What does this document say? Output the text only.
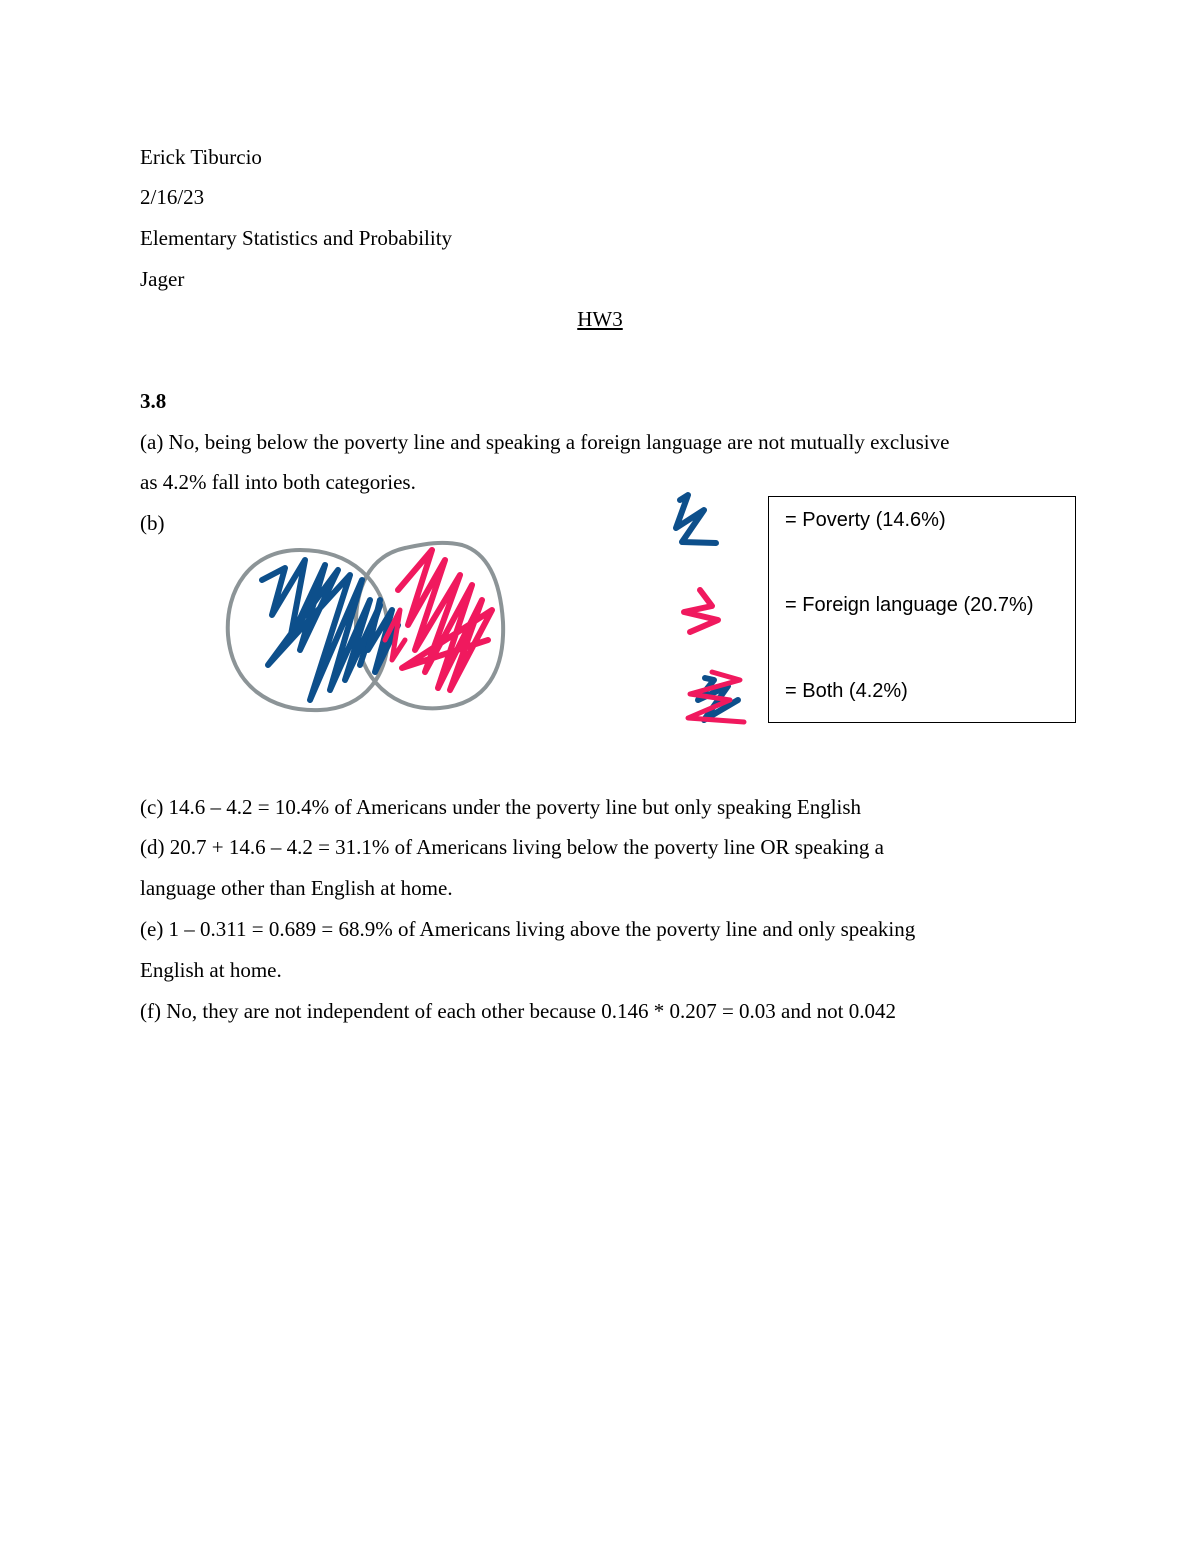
Erick Tiburcio
2/16/23
Elementary Statistics and Probability
Jager
HW3
3.8
(a) No, being below the poverty line and speaking a foreign language are not mutually exclusive
as 4.2% fall into both categories.
(b)	= Poverty (14.6%)
= Foreign language (20.7%)
= Both (4.2%)
(c) 14.6 – 4.2 = 10.4% of Americans under the poverty line but only speaking English
(d) 20.7 + 14.6 – 4.2 = 31.1% of Americans living below the poverty line OR speaking a
language other than English at home.
(e) 1 – 0.311 = 0.689 = 68.9% of Americans living above the poverty line and only speaking
English at home.
(f) No, they are not independent of each other because 0.146 * 0.207 = 0.03 and not 0.042
